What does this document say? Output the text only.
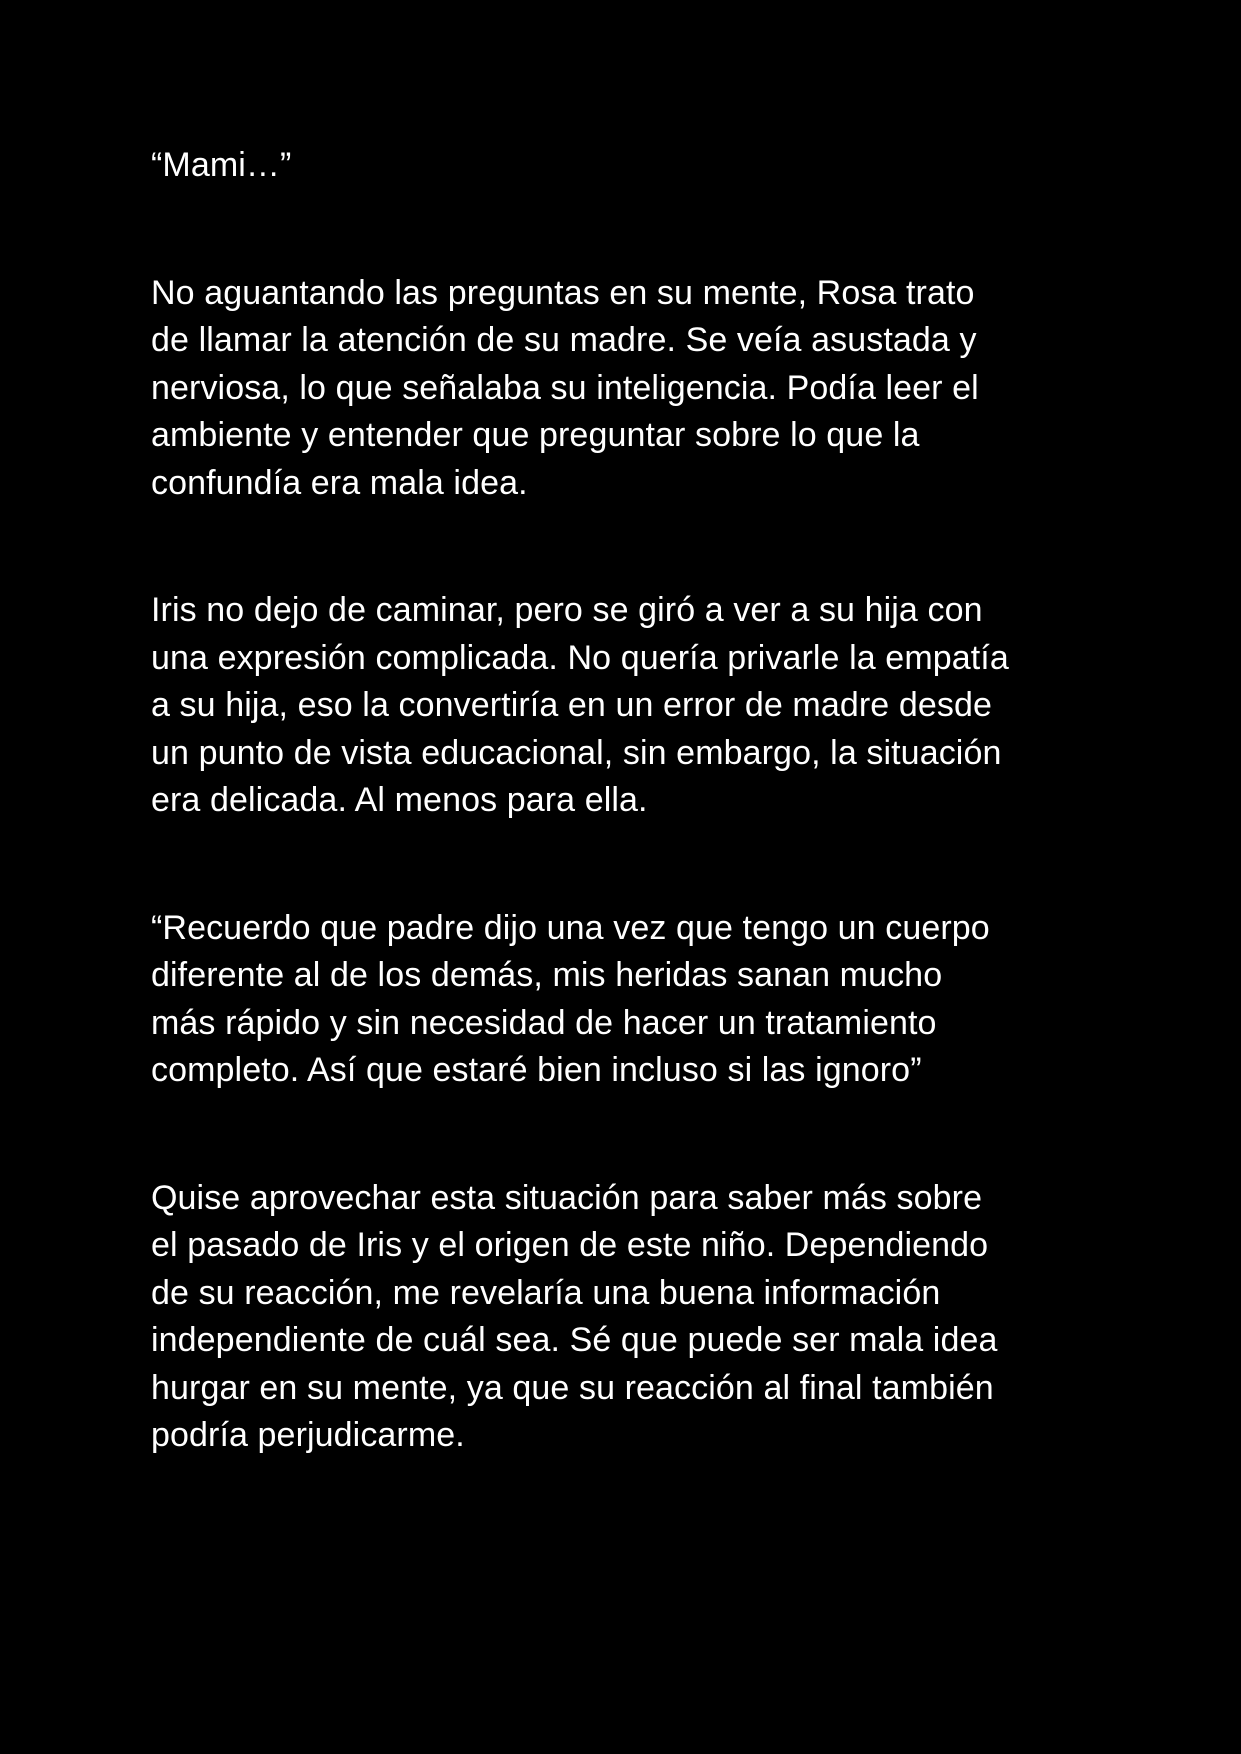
“Mami…”

No aguantando las preguntas en su mente, Rosa trato
de llamar la atención de su madre. Se veía asustada y
nerviosa, lo que señalaba su inteligencia. Podía leer el
ambiente y entender que preguntar sobre lo que la
confundía era mala idea.

Iris no dejo de caminar, pero se giró a ver a su hija con
una expresión complicada. No quería privarle la empatía
a su hija, eso la convertiría en un error de madre desde
un punto de vista educacional, sin embargo, la situación
era delicada. Al menos para ella.

“Recuerdo que padre dijo una vez que tengo un cuerpo
diferente al de los demás, mis heridas sanan mucho
más rápido y sin necesidad de hacer un tratamiento
completo. Así que estaré bien incluso si las ignoro”

Quise aprovechar esta situación para saber más sobre
el pasado de Iris y el origen de este niño. Dependiendo
de su reacción, me revelaría una buena información
independiente de cuál sea. Sé que puede ser mala idea
hurgar en su mente, ya que su reacción al final también
podría perjudicarme.
